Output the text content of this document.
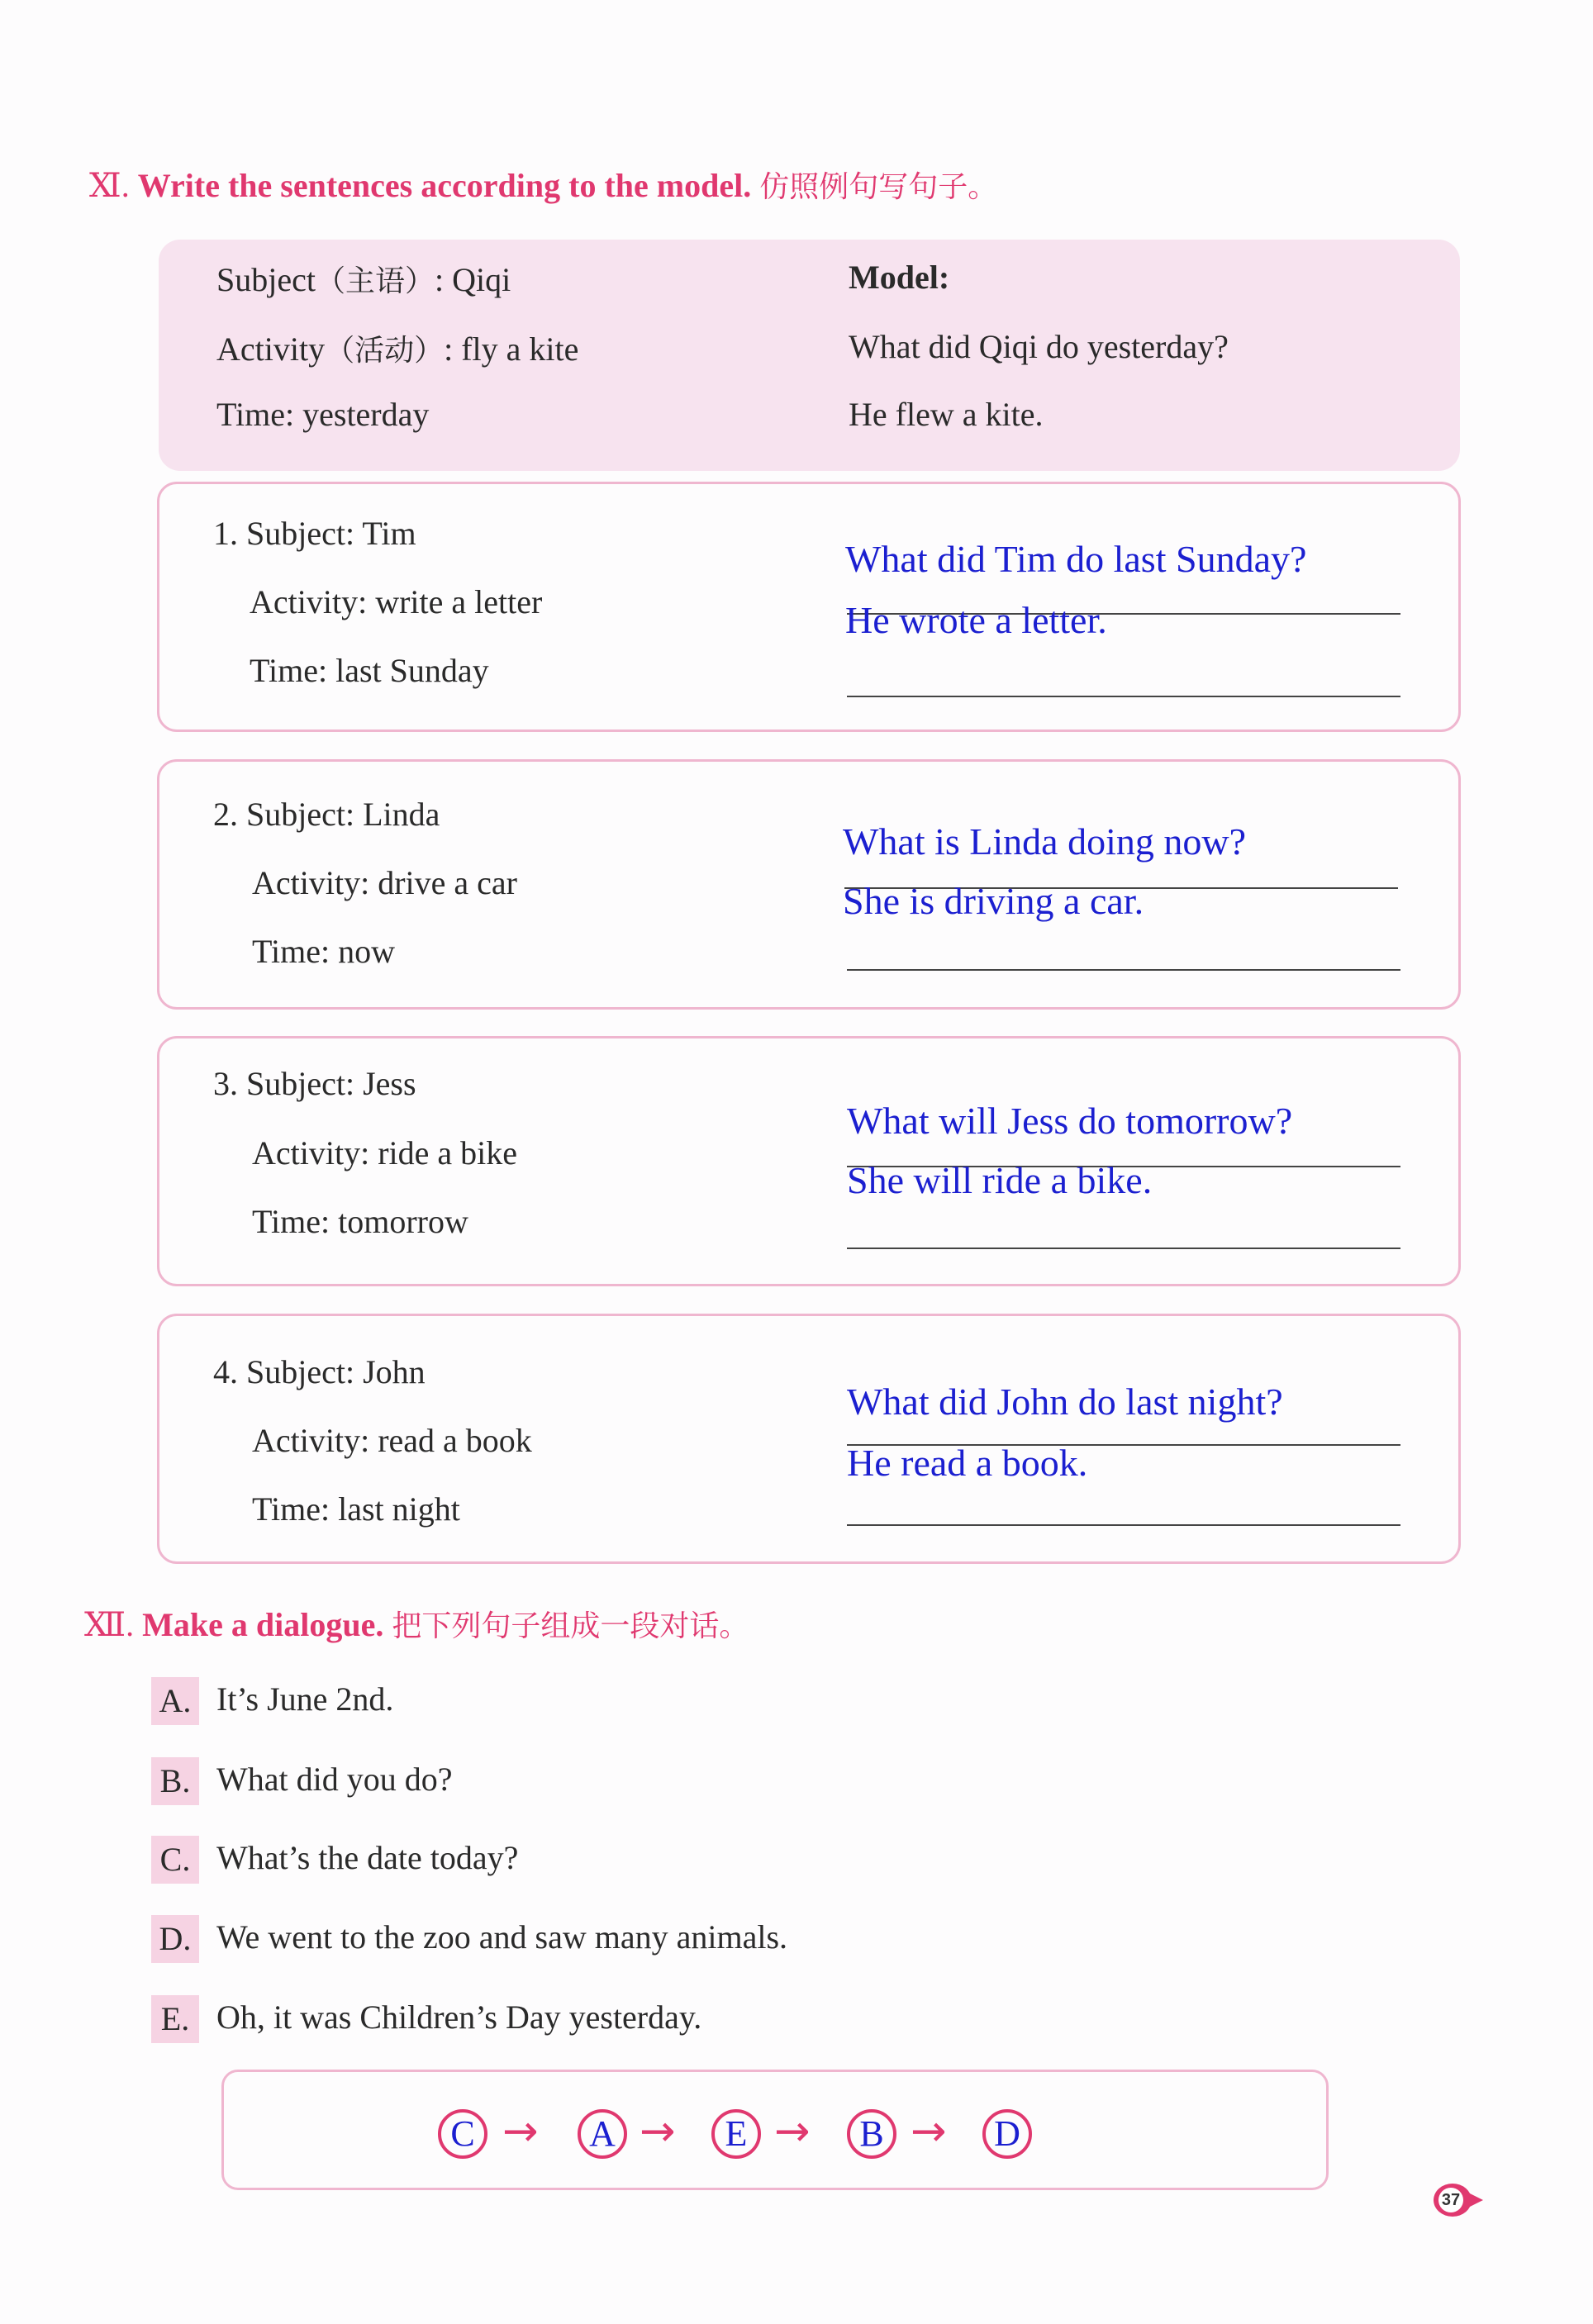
Ⅺ. Write the sentences according to the model. 仿照例句写句子。
Subject（主语）: Qiqi
Activity（活动）: fly a kite
Time: yesterday
Model:
What did Qiqi do yesterday?
He flew a kite.
1. Subject: Tim
Activity: write a letter
Time: last Sunday
What did Tim do last Sunday?
He wrote a letter.
2. Subject: Linda
Activity: drive a car
Time: now
What is Linda doing now?
She is driving a car.
3. Subject: Jess
Activity: ride a bike
Time: tomorrow
What will Jess do tomorrow?
She will ride a bike.
4. Subject: John
Activity: read a book
Time: last night
What did John do last night?
He read a book.
Ⅻ. Make a dialogue. 把下列句子组成一段对话。
A. It’s June 2nd.
B. What did you do?
C. What’s the date today?
D. We went to the zoo and saw many animals.
E. Oh, it was Children’s Day yesterday.
C →	A →	E →	B →	D
37
